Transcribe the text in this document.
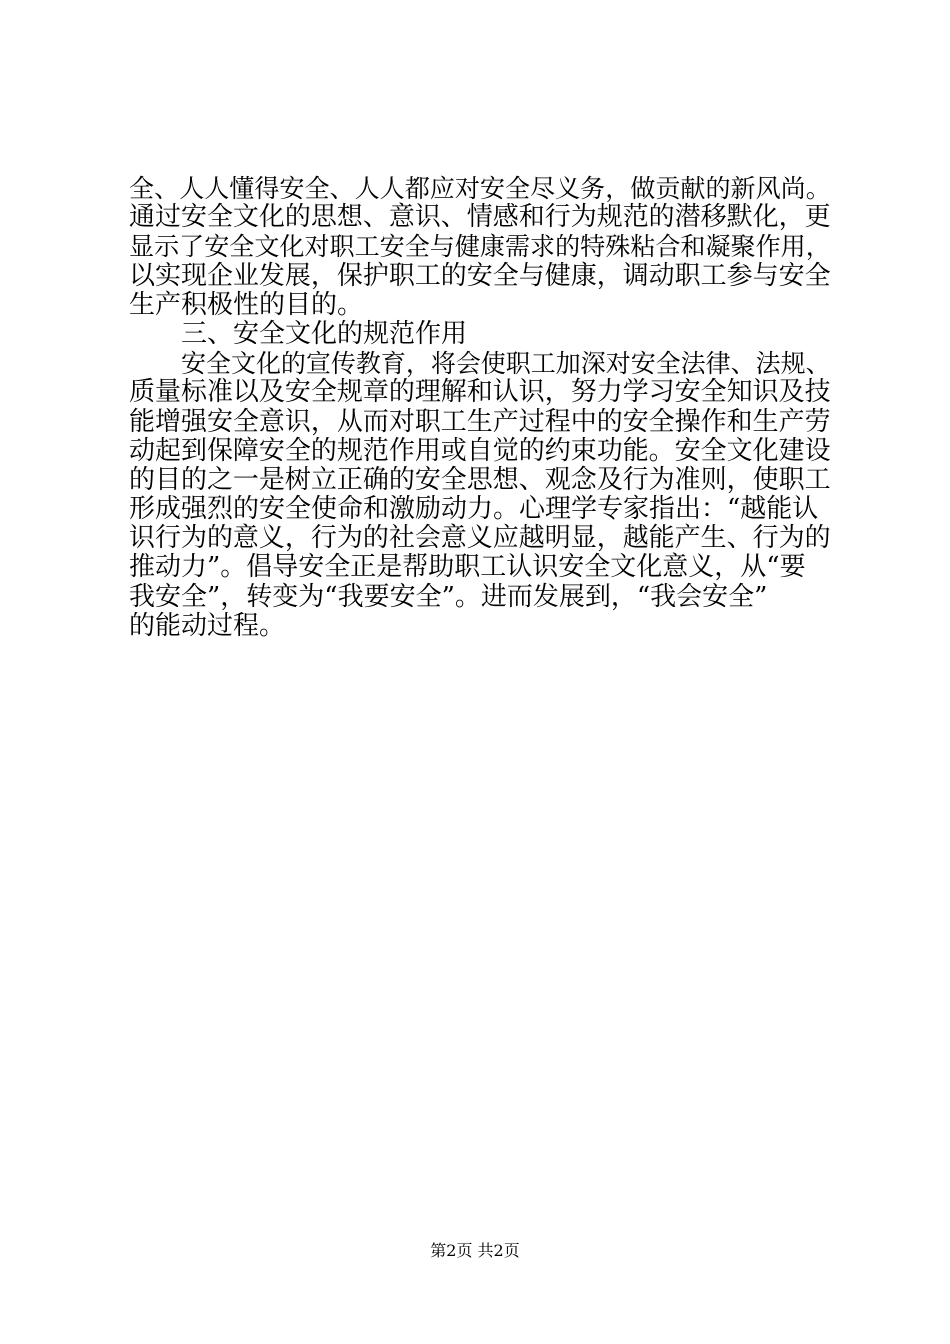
全、人人懂得安全、人人都应对安全尽义务，做贡献的新风尚。
通过安全文化的思想、意识、情感和行为规范的潜移默化，更
显示了安全文化对职工安全与健康需求的特殊粘合和凝聚作用，
以实现企业发展，保护职工的安全与健康，调动职工参与安全
生产积极性的目的。
三、安全文化的规范作用
安全文化的宣传教育，将会使职工加深对安全法律、法规、
质量标准以及安全规章的理解和认识，努力学习安全知识及技
能增强安全意识，从而对职工生产过程中的安全操作和生产劳
动起到保障安全的规范作用或自觉的约束功能。安全文化建设
的目的之一是树立正确的安全思想、观念及行为准则，使职工
形成强烈的安全使命和激励动力。心理学专家指出：“越能认
识行为的意义，行为的社会意义应越明显，越能产生、行为的
推动力”。倡导安全正是帮助职工认识安全文化意义，从“要
我安全”，转变为“我要安全”。进而发展到，“我会安全”
的能动过程。
第2页 共2页
